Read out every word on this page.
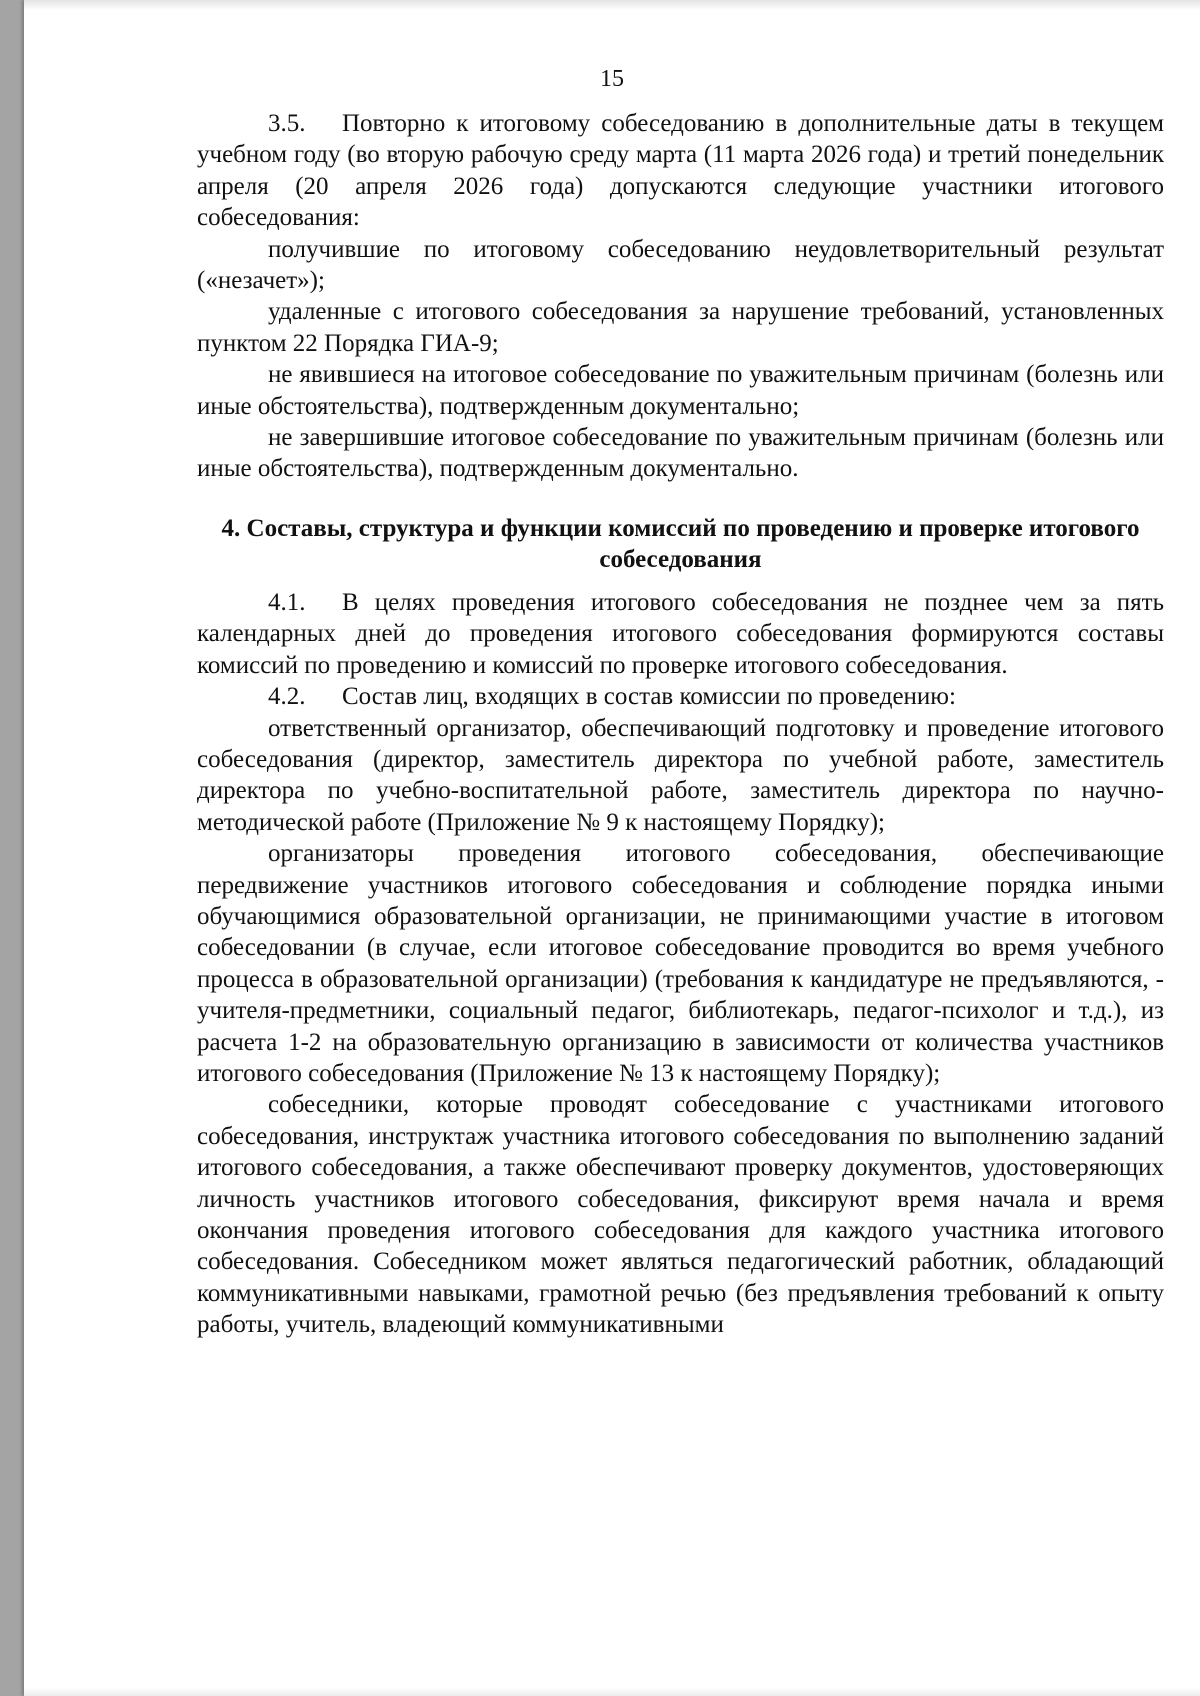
15

3.5. Повторно к итоговому собеседованию в дополнительные даты в текущем учебном году (во вторую рабочую среду марта (11 марта 2026 года) и третий понедельник апреля (20 апреля 2026 года) допускаются следующие участники итогового собеседования:

получившие по итоговому собеседованию неудовлетворительный результат («незачет»);

удаленные с итогового собеседования за нарушение требований, установленных пунктом 22 Порядка ГИА-9;

не явившиеся на итоговое собеседование по уважительным причинам (болезнь или иные обстоятельства), подтвержденным документально;

не завершившие итоговое собеседование по уважительным причинам (болезнь или иные обстоятельства), подтвержденным документально.

4. Составы, структура и функции комиссий по проведению и проверке итогового собеседования

4.1. В целях проведения итогового собеседования не позднее чем за пять календарных дней до проведения итогового собеседования формируются составы комиссий по проведению и комиссий по проверке итогового собеседования.

4.2. Состав лиц, входящих в состав комиссии по проведению:

ответственный организатор, обеспечивающий подготовку и проведение итогового собеседования (директор, заместитель директора по учебной работе, заместитель директора по учебно-воспитательной работе, заместитель директора по научно-методической работе (Приложение № 9 к настоящему Порядку);

организаторы проведения итогового собеседования, обеспечивающие передвижение участников итогового собеседования и соблюдение порядка иными обучающимися образовательной организации, не принимающими участие в итоговом собеседовании (в случае, если итоговое собеседование проводится во время учебного процесса в образовательной организации) (требования к кандидатуре не предъявляются, - учителя-предметники, социальный педагог, библиотекарь, педагог-психолог и т.д.), из расчета 1-2 на образовательную организацию в зависимости от количества участников итогового собеседования (Приложение № 13 к настоящему Порядку);

собеседники, которые проводят собеседование с участниками итогового собеседования, инструктаж участника итогового собеседования по выполнению заданий итогового собеседования, а также обеспечивают проверку документов, удостоверяющих личность участников итогового собеседования, фиксируют время начала и время окончания проведения итогового собеседования для каждого участника итогового собеседования. Собеседником может являться педагогический работник, обладающий коммуникативными навыками, грамотной речью (без предъявления требований к опыту работы, учитель, владеющий коммуникативными
